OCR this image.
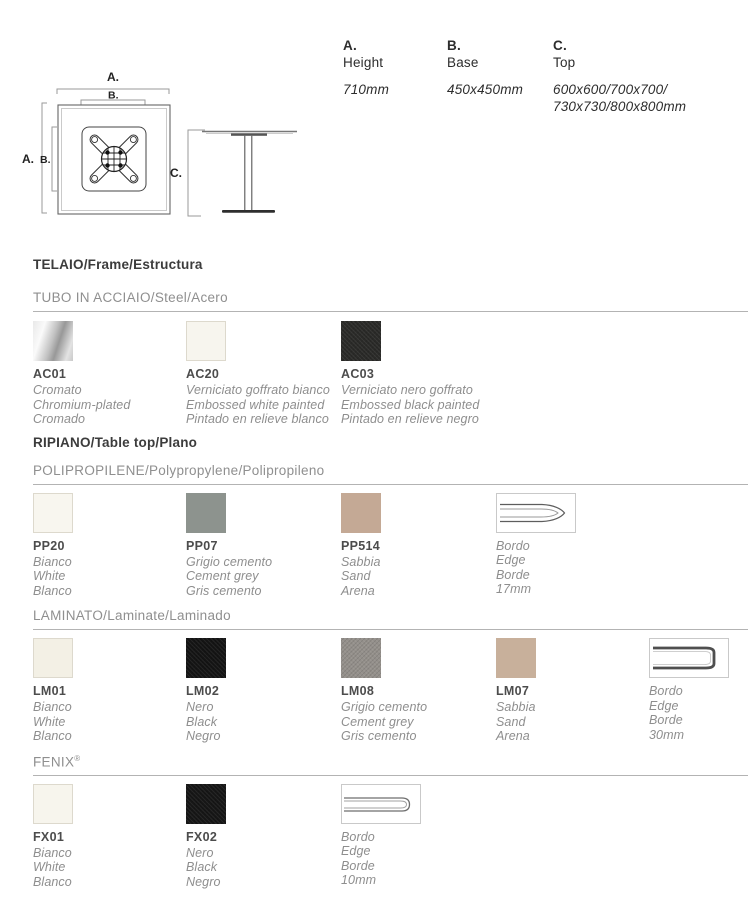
A.
B.
A. B.
C.
A.
Height
710mm
B.
Base
450x450mm
C.
Top
600x600/700x700/
730x730/800x800mm
TELAIO/Frame/Estructura
TUBO IN ACCIAIO/Steel/Acero
AC01
Cromato
Chromium-plated
Cromado
AC20
Verniciato goffrato bianco
Embossed white painted
Pintado en relieve blanco
AC03
Verniciato nero goffrato
Embossed black painted
Pintado en relieve negro
RIPIANO/Table top/Plano
POLIPROPILENE/Polypropylene/Polipropileno
PP20
Bianco
White
Blanco
PP07
Grigio cemento
Cement grey
Gris cemento
PP514
Sabbia
Sand
Arena
Bordo
Edge
Borde
17mm
LAMINATO/Laminate/Laminado
LM01
Bianco
White
Blanco
LM02
Nero
Black
Negro
LM08
Grigio cemento
Cement grey
Gris cemento
LM07
Sabbia
Sand
Arena
Bordo
Edge
Borde
30mm
FENIX®
FX01
Bianco
White
Blanco
FX02
Nero
Black
Negro
Bordo
Edge
Borde
10mm
